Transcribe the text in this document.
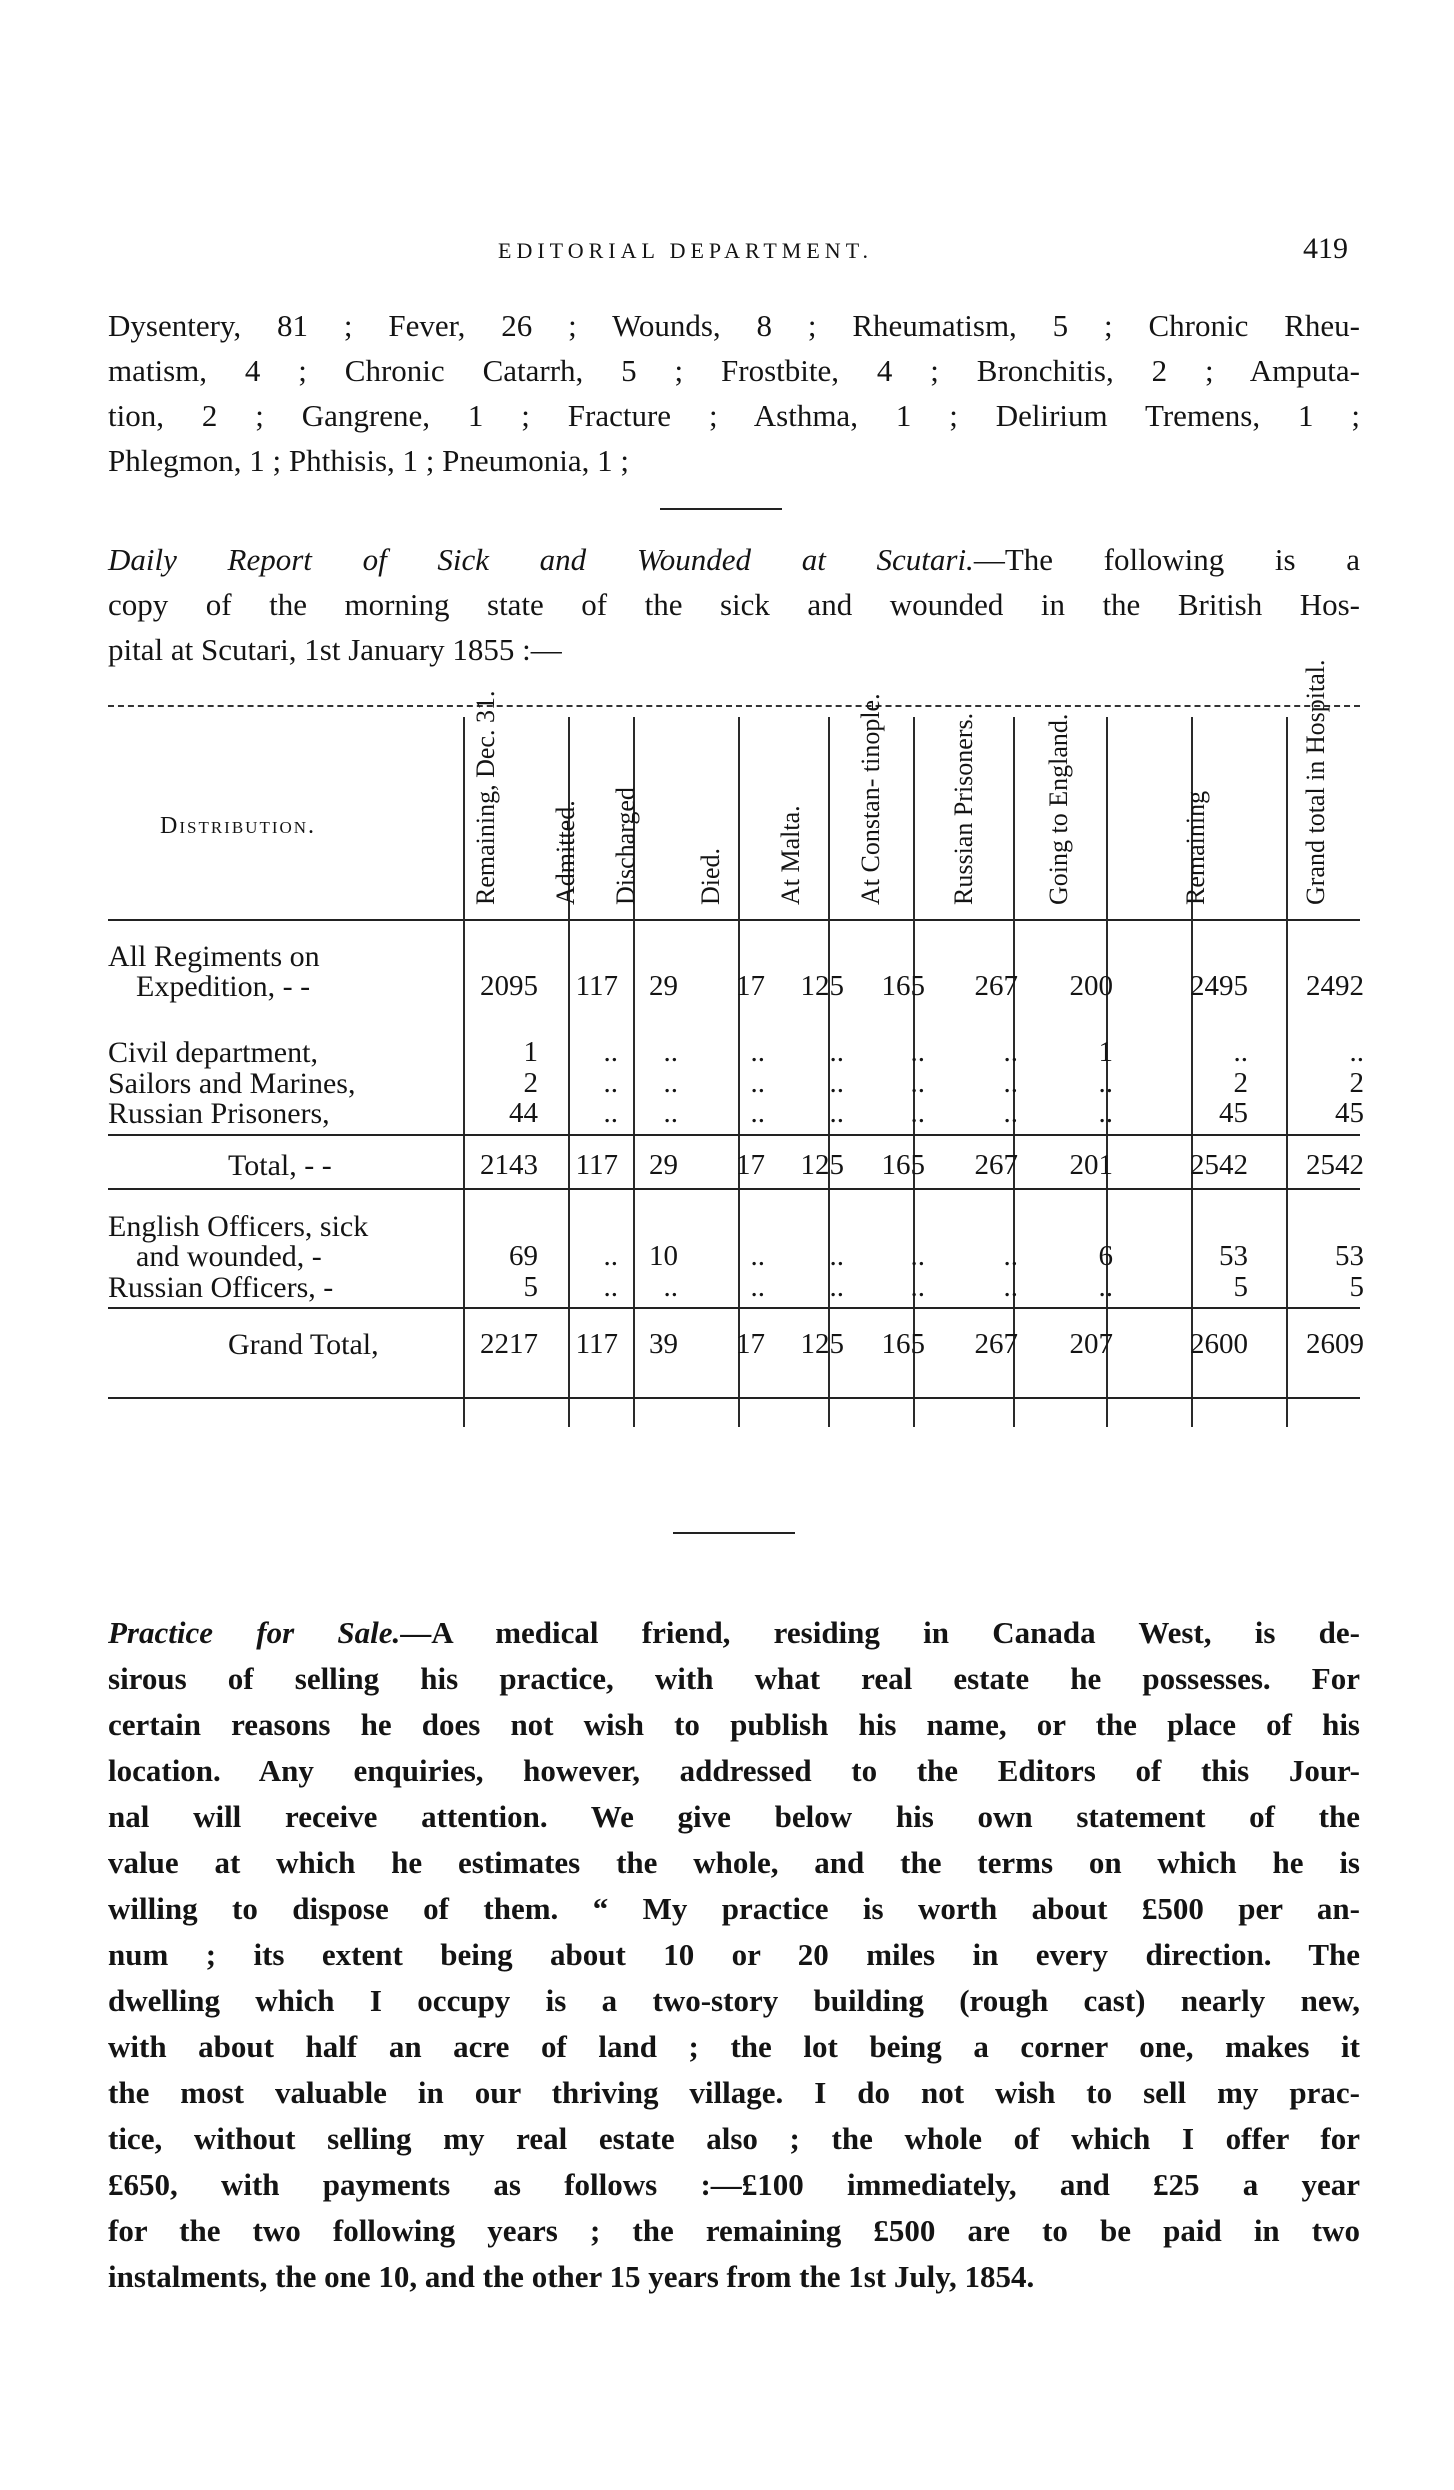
EDITORIAL DEPARTMENT.	419
Dysentery, 81 ; Fever, 26 ; Wounds, 8 ; Rheumatism, 5 ; Chronic Rheu-
matism, 4 ; Chronic Catarrh, 5 ; Frostbite, 4 ; Bronchitis, 2 ; Amputa-
tion, 2 ; Gangrene, 1 ; Fracture ; Asthma, 1 ; Delirium Tremens, 1 ;
Phlegmon, 1 ; Phthisis, 1 ; Pneumonia, 1 ;
Daily Report of Sick and Wounded at Scutari.—The following is a
copy of the morning state of the sick and wounded in the British Hos-
pital at Scutari, 1st January 1855 :—
Distribution.	Remaining, Dec. 31. Admitted. Discharged Died. At Malta. At Constan- tinople. Russian Prisoners.	Going to England.	Remaining	Grand total in Hospital.
All Regiments on
Expedition, - -	2095 117 29 17 125 165 267 200	2495 2492
Civil department,	1 .. ..	.. .. ..	..	1	..	..
Sailors and Marines,	2 .. ..	.. .. ..	..	..	2	2
Russian Prisoners,	44 .. ..	.. .. ..	..	..	45	45
Total, - -	2143 117 29 17 125 165 267 201	2542 2542
English Officers, sick
and wounded, -	69 .. 10	.. .. ..	..	6	53	53
Russian Officers, -	5 .. ..	.. .. ..	..	..	5	5
Grand Total,	2217 117 39 17 125 165 267 207	2600 2609
Practice for Sale.—A medical friend, residing in Canada West, is de-
sirous of selling his practice, with what real estate he possesses. For
certain reasons he does not wish to publish his name, or the place of his
location. Any enquiries, however, addressed to the Editors of this Jour-
nal will receive attention. We give below his own statement of the
value at which he estimates the whole, and the terms on which he is
willing to dispose of them. “ My practice is worth about £500 per an-
num ; its extent being about 10 or 20 miles in every direction. The
dwelling which I occupy is a two-story building (rough cast) nearly new,
with about half an acre of land ; the lot being a corner one, makes it
the most valuable in our thriving village. I do not wish to sell my prac-
tice, without selling my real estate also ; the whole of which I offer for
£650, with payments as follows :—£100 immediately, and £25 a year
for the two following years ; the remaining £500 are to be paid in two
instalments, the one 10, and the other 15 years from the 1st July, 1854.
